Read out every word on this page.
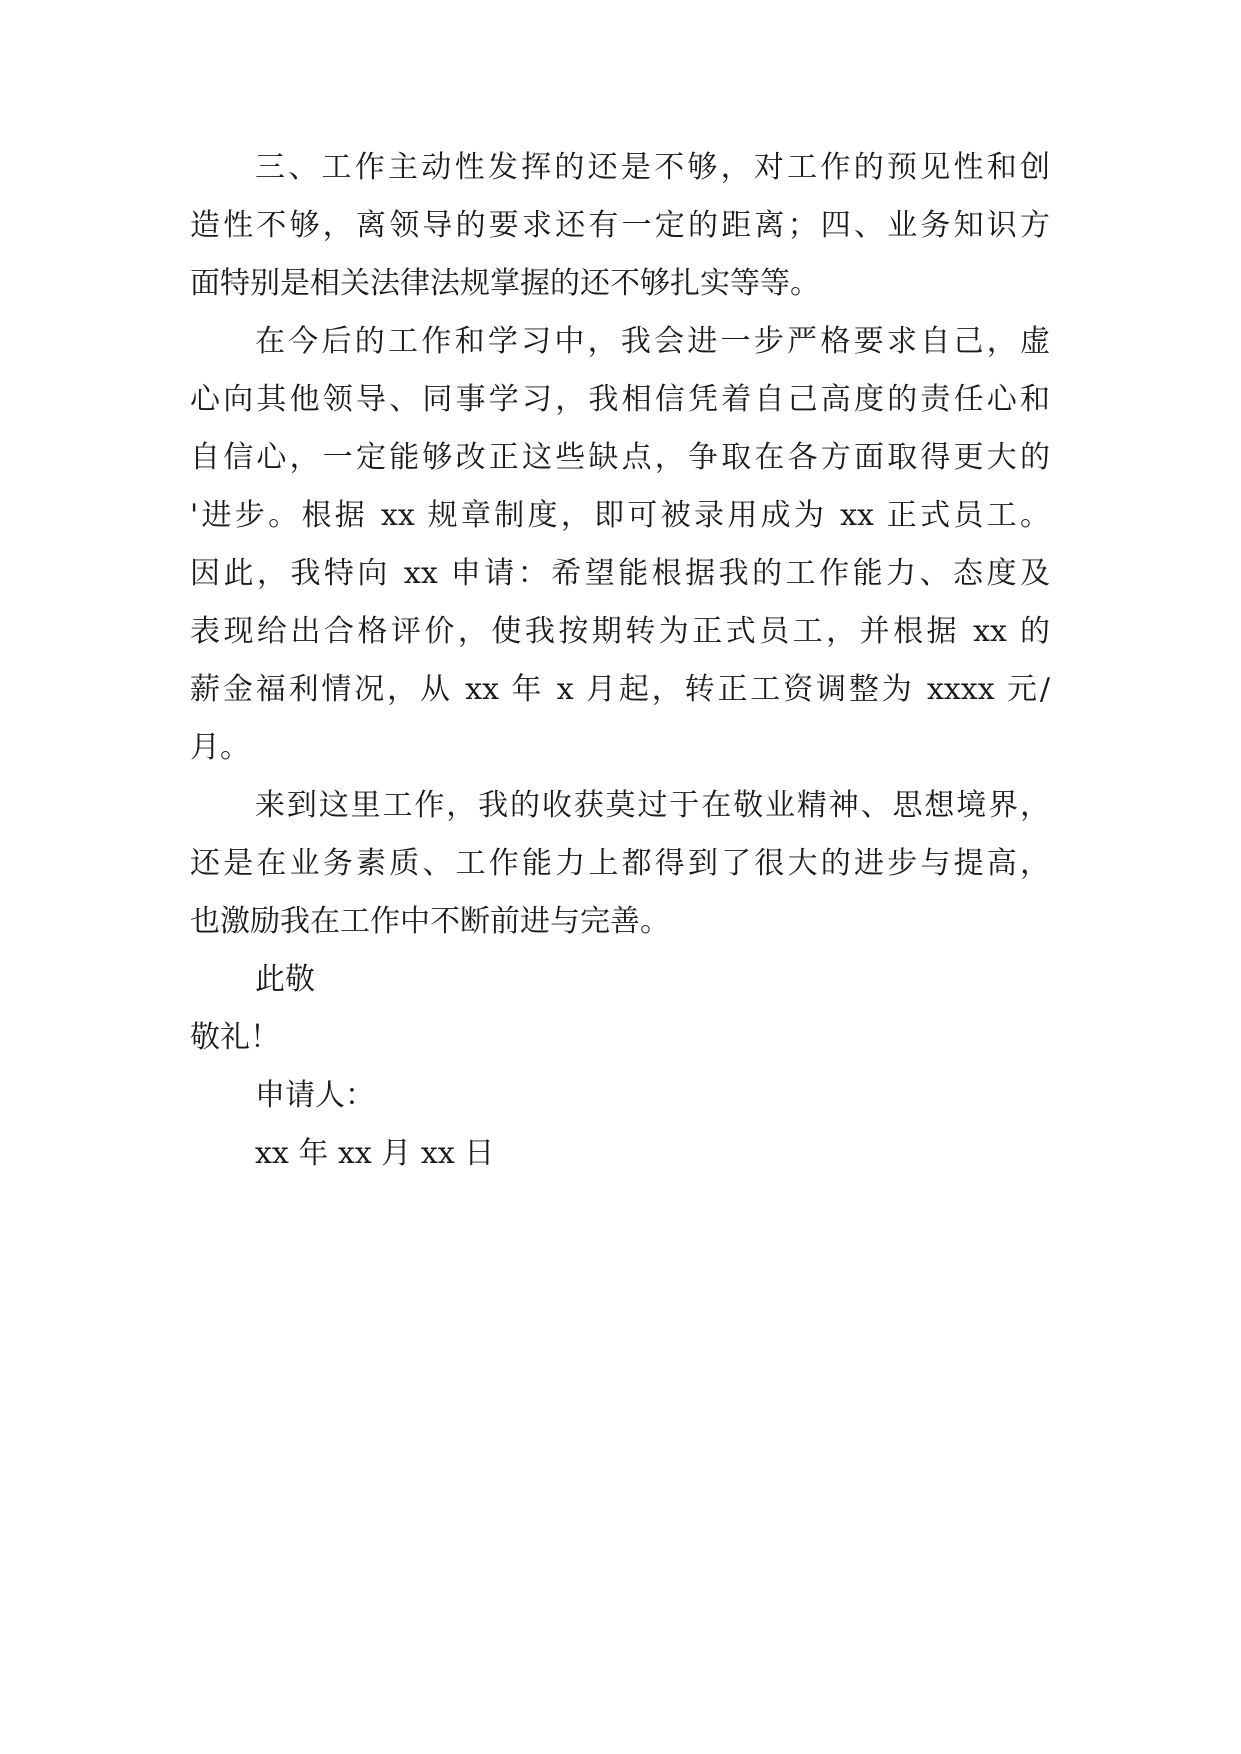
三、工作主动性发挥的还是不够，对工作的预见性和创
造性不够，离领导的要求还有一定的距离；四、业务知识方
面特别是相关法律法规掌握的还不够扎实等等。
在今后的工作和学习中，我会进一步严格要求自己，虚
心向其他领导、同事学习，我相信凭着自己高度的责任心和
自信心，一定能够改正这些缺点，争取在各方面取得更大的
'进步。根据 xx 规章制度，即可被录用成为 xx 正式员工。
因此，我特向 xx 申请：希望能根据我的工作能力、态度及
表现给出合格评价，使我按期转为正式员工，并根据 xx 的
薪金福利情况，从 xx 年 x 月起，转正工资调整为 xxxx 元/
月。
来到这里工作，我的收获莫过于在敬业精神、思想境界，
还是在业务素质、工作能力上都得到了很大的进步与提高，
也激励我在工作中不断前进与完善。
此敬
敬礼！
申请人：
xx 年 xx 月 xx 日
